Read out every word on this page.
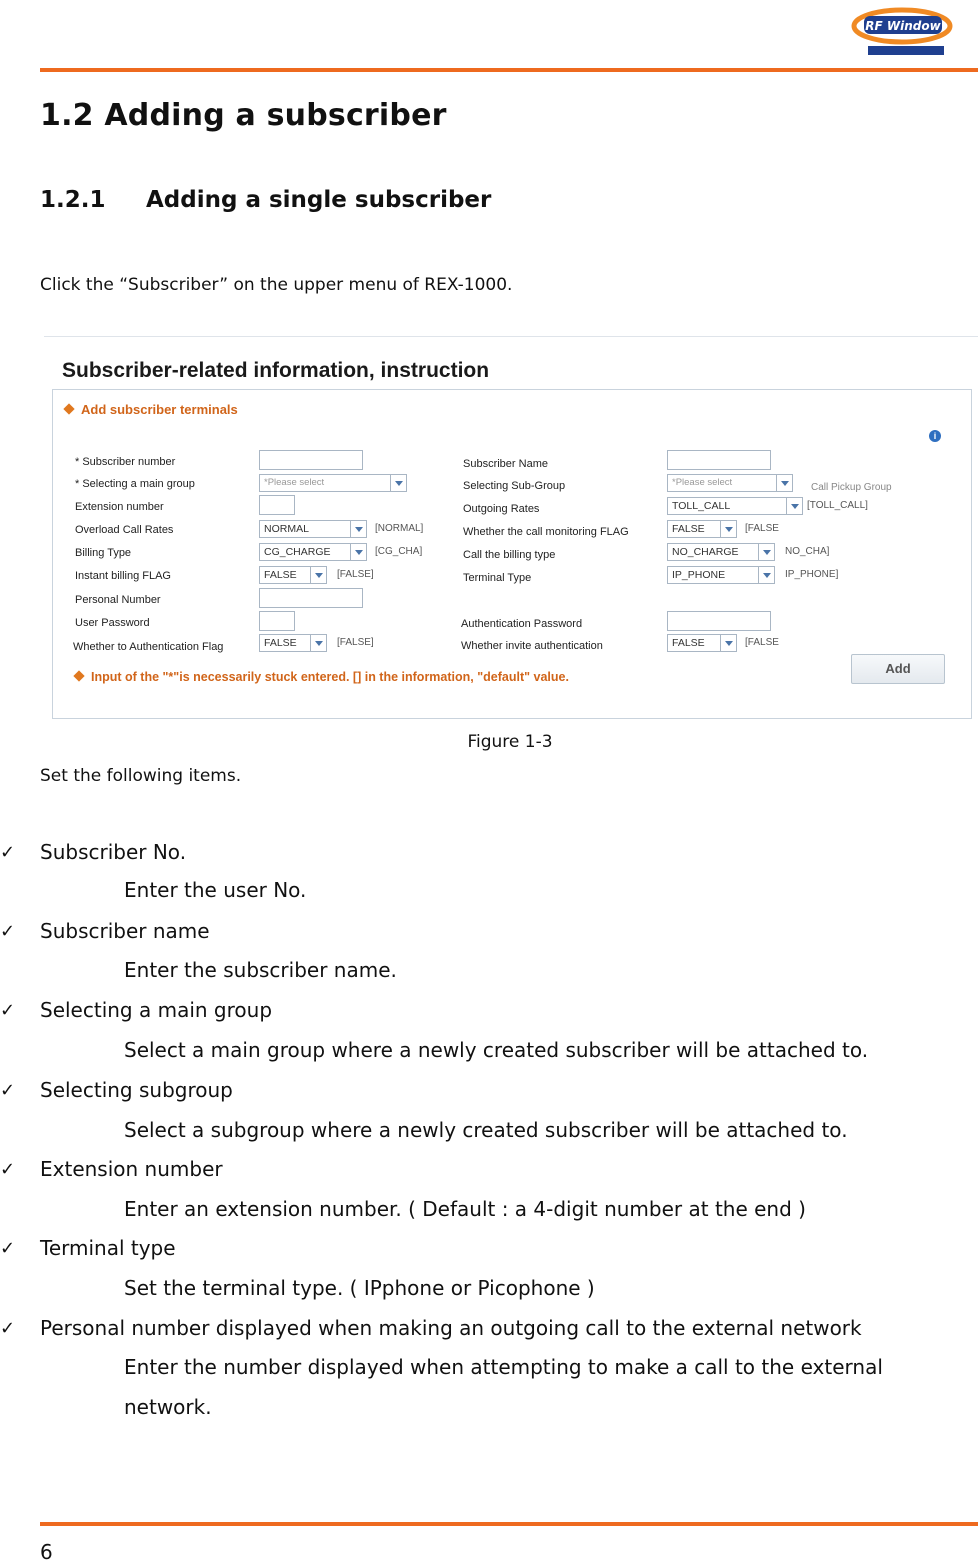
RF Window
1.2 Adding a subscriber
1.2.1 Adding a single subscriber
Click the “Subscriber” on the upper menu of REX-1000.
Subscriber-related information, instruction
Add subscriber terminals
i
* Subscriber number
* Selecting a main group	*Please select
Extension number
Overload Call Rates	NORMAL	[NORMAL]
Billing Type	CG_CHARGE	[CG_CHA]
Instant billing FLAG	FALSE	[FALSE]
Personal Number
User Password
Whether to Authentication Flag	FALSE	[FALSE]
Subscriber Name
Selecting Sub-Group	*Please select	Call Pickup Group
Outgoing Rates	TOLL_CALL	[TOLL_CALL]
Whether the call monitoring FLAG	FALSE	[FALSE
Call the billing type	NO_CHARGE	NO_CHA]
Terminal Type	IP_PHONE	IP_PHONE]
Authentication Password
Whether invite authentication	FALSE	[FALSE
Input of the "*"is necessarily stuck entered. [] in the information, "default" value.
Add
Figure 1-3
Set the following items.
✓ Subscriber No.
Enter the user No.
✓ Subscriber name
Enter the subscriber name.
✓ Selecting a main group
Select a main group where a newly created subscriber will be attached to.
✓ Selecting subgroup
Select a subgroup where a newly created subscriber will be attached to.
✓ Extension number
Enter an extension number. ( Default : a 4-digit number at the end )
✓ Terminal type
Set the terminal type. ( IPphone or Picophone )
✓ Personal number displayed when making an outgoing call to the external network
Enter the number displayed when attempting to make a call to the external
network.
6
